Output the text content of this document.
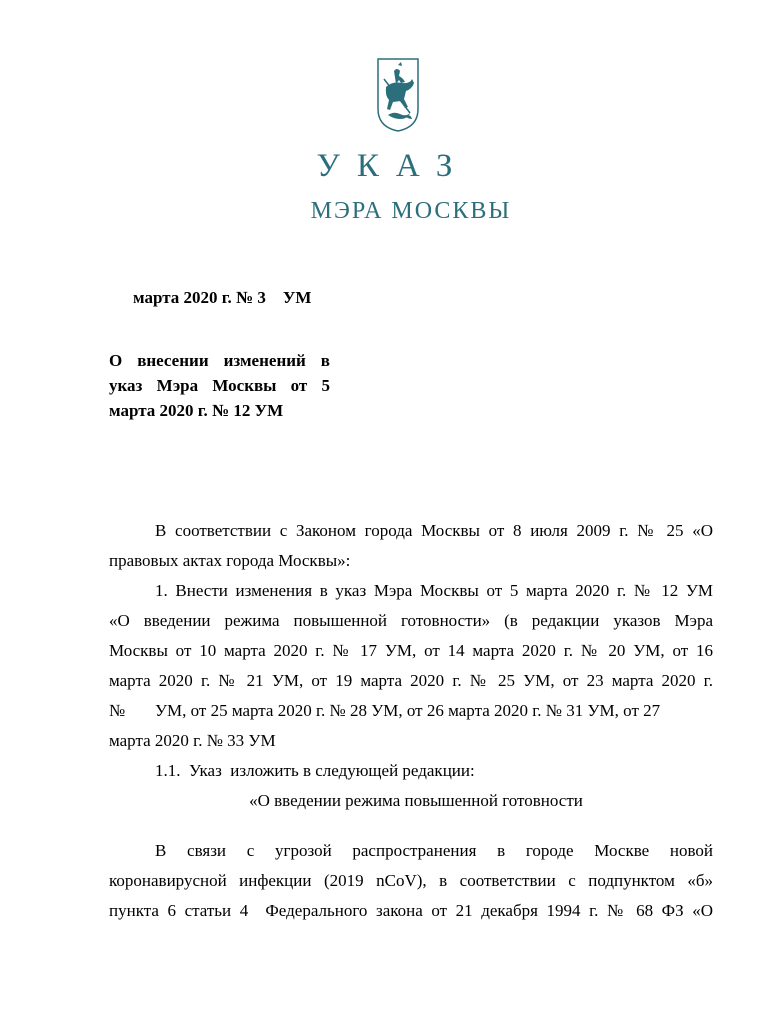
УКАЗ
МЭРА МОСКВЫ
марта 2020 г. № 3    УМ
О внесении изменений в
указ Мэра Москвы от 5
марта 2020 г. № 12 УМ
В соответствии с Законом города Москвы от 8 июля 2009 г. № 25 «О
правовых актах города Москвы»:
1. Внести изменения в указ Мэра Москвы от 5 марта 2020 г. № 12 УМ
«О введении режима повышенной готовности» (в редакции указов Мэра
Москвы от 10 марта 2020 г. № 17 УМ, от 14 марта 2020 г. № 20 УМ, от 16
марта 2020 г. № 21 УМ, от 19 марта 2020 г. № 25 УМ, от 23 марта 2020 г.
№       УМ, от 25 марта 2020 г. № 28 УМ, от 26 марта 2020 г. № 31 УМ, от 27
марта 2020 г. № 33 УМ
1.1.  Указ  изложить в следующей редакции:
«О введении режима повышенной готовности
В связи с угрозой распространения в городе Москве новой
коронавирусной инфекции (2019 nCoV), в соответствии с подпунктом «б»
пункта 6 статьи 4  Федерального закона от 21 декабря 1994 г. № 68 ФЗ «О
